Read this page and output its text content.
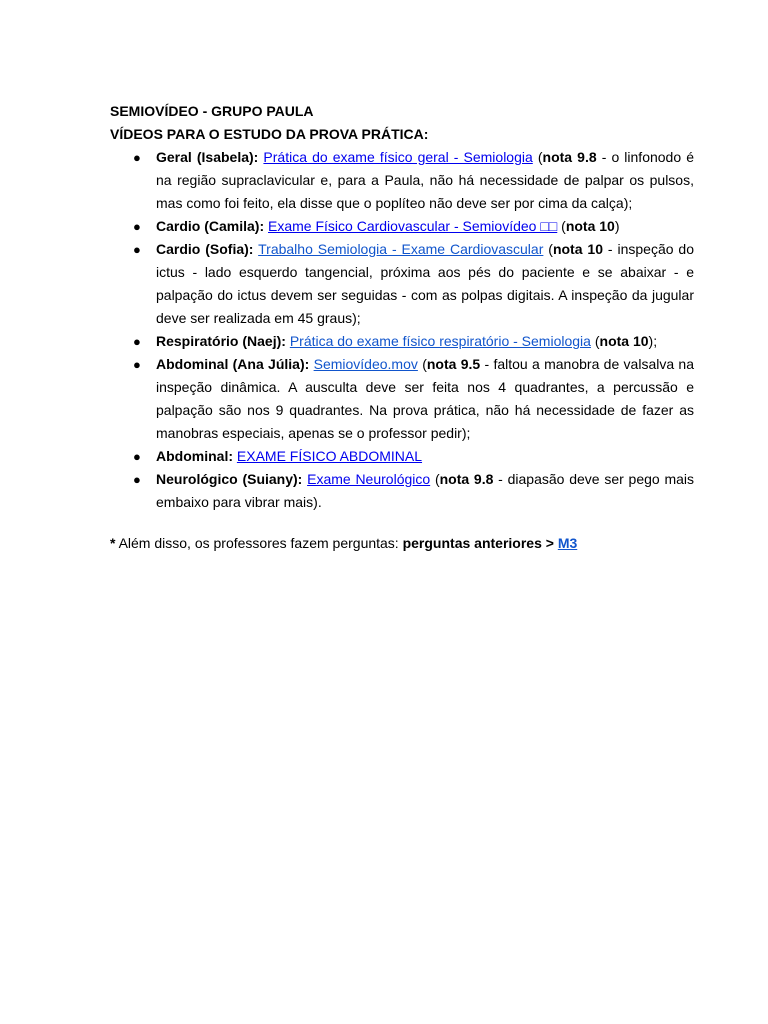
SEMIOVÍDEO - GRUPO PAULA

VÍDEOS PARA O ESTUDO DA PROVA PRÁTICA:

● Geral (Isabela): Prática do exame físico geral - Semiologia (nota 9.8 - o linfonodo é na região supraclavicular e, para a Paula, não há necessidade de palpar os pulsos, mas como foi feito, ela disse que o poplíteo não deve ser por cima da calça);
● Cardio (Camila): Exame Físico Cardiovascular - Semiovídeo □□ (nota 10)
● Cardio (Sofia): Trabalho Semiologia - Exame Cardiovascular (nota 10 - inspeção do ictus - lado esquerdo tangencial, próxima aos pés do paciente e se abaixar - e palpação do ictus devem ser seguidas - com as polpas digitais. A inspeção da jugular deve ser realizada em 45 graus);
● Respiratório (Naej): Prática do exame físico respiratório - Semiologia (nota 10);
● Abdominal (Ana Júlia): Semiovídeo.mov (nota 9.5 - faltou a manobra de valsalva na inspeção dinâmica. A ausculta deve ser feita nos 4 quadrantes, a percussão e palpação são nos 9 quadrantes. Na prova prática, não há necessidade de fazer as manobras especiais, apenas se o professor pedir);
● Abdominal: EXAME FÍSICO ABDOMINAL
● Neurológico (Suiany): Exame Neurológico (nota 9.8 - diapasão deve ser pego mais embaixo para vibrar mais).

* Além disso, os professores fazem perguntas: perguntas anteriores > M3
